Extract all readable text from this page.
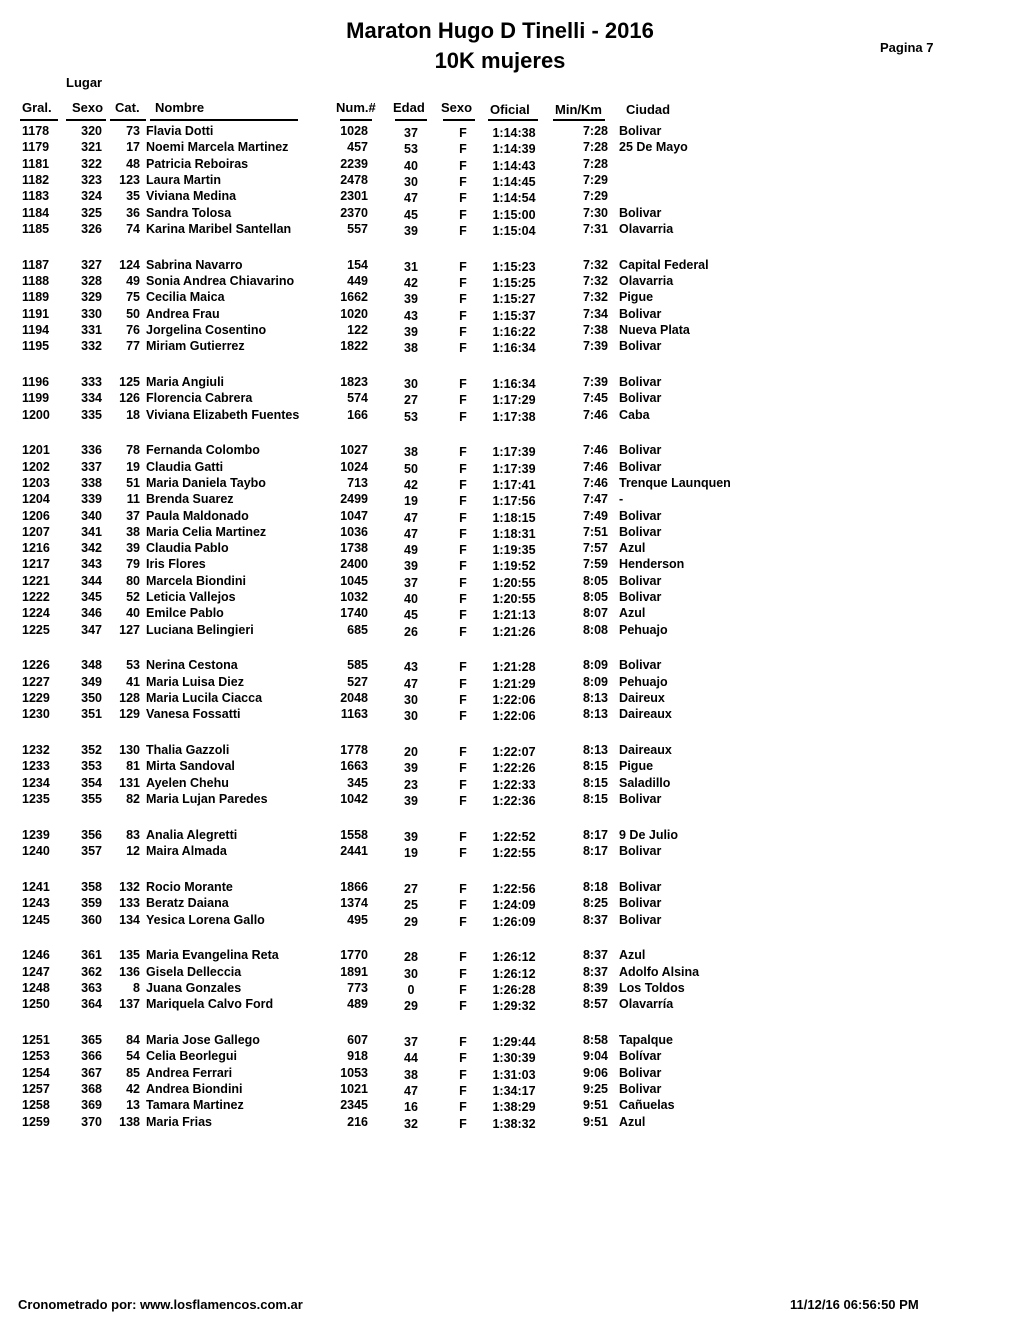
Maraton Hugo D Tinelli - 2016
10K mujeres
Pagina 7
Lugar
Gral. Sexo Cat. Nombre	Num.# Edad Sexo Oficial Min/Km Ciudad
1178	320	73 Flavia Dotti	1028	37	F	1:14:38	7:28 Bolivar
1179	321	17 Noemi Marcela Martinez	457	53	F	1:14:39	7:28 25 De Mayo
1181	322	48 Patricia Reboiras	2239	40	F	1:14:43	7:28
1182	323	123 Laura Martin	2478	30	F	1:14:45	7:29
1183	324	35 Viviana Medina	2301	47	F	1:14:54	7:29
1184	325	36 Sandra Tolosa	2370	45	F	1:15:00	7:30 Bolivar
1185	326	74 Karina Maribel Santellan	557	39	F	1:15:04	7:31 Olavarria
1187	327	124 Sabrina Navarro	154	31	F	1:15:23	7:32 Capital Federal
1188	328	49 Sonia Andrea Chiavarino	449	42	F	1:15:25	7:32 Olavarria
1189	329	75 Cecilia Maica	1662	39	F	1:15:27	7:32 Pigue
1191	330	50 Andrea Frau	1020	43	F	1:15:37	7:34 Bolivar
1194	331	76 Jorgelina Cosentino	122	39	F	1:16:22	7:38 Nueva Plata
1195	332	77 Miriam Gutierrez	1822	38	F	1:16:34	7:39 Bolivar
1196	333	125 Maria Angiuli	1823	30	F	1:16:34	7:39 Bolivar
1199	334	126 Florencia Cabrera	574	27	F	1:17:29	7:45 Bolivar
1200	335	18 Viviana Elizabeth Fuentes	166	53	F	1:17:38	7:46 Caba
1201	336	78 Fernanda Colombo	1027	38	F	1:17:39	7:46 Bolivar
1202	337	19 Claudia Gatti	1024	50	F	1:17:39	7:46 Bolivar
1203	338	51 Maria Daniela Taybo	713	42	F	1:17:41	7:46 Trenque Launquen
1204	339	11 Brenda Suarez	2499	19	F	1:17:56	7:47 -
1206	340	37 Paula Maldonado	1047	47	F	1:18:15	7:49 Bolivar
1207	341	38 Maria Celia Martinez	1036	47	F	1:18:31	7:51 Bolivar
1216	342	39 Claudia Pablo	1738	49	F	1:19:35	7:57 Azul
1217	343	79 Iris Flores	2400	39	F	1:19:52	7:59 Henderson
1221	344	80 Marcela Biondini	1045	37	F	1:20:55	8:05 Bolivar
1222	345	52 Leticia Vallejos	1032	40	F	1:20:55	8:05 Bolivar
1224	346	40 Emilce Pablo	1740	45	F	1:21:13	8:07 Azul
1225	347	127 Luciana Belingieri	685	26	F	1:21:26	8:08 Pehuajo
1226	348	53 Nerina Cestona	585	43	F	1:21:28	8:09 Bolivar
1227	349	41 Maria Luisa Diez	527	47	F	1:21:29	8:09 Pehuajo
1229	350	128 Maria Lucila Ciacca	2048	30	F	1:22:06	8:13 Daireux
1230	351	129 Vanesa Fossatti	1163	30	F	1:22:06	8:13 Daireaux
1232	352	130 Thalia Gazzoli	1778	20	F	1:22:07	8:13 Daireaux
1233	353	81 Mirta Sandoval	1663	39	F	1:22:26	8:15 Pigue
1234	354	131 Ayelen Chehu	345	23	F	1:22:33	8:15 Saladillo
1235	355	82 Maria Lujan Paredes	1042	39	F	1:22:36	8:15 Bolivar
1239	356	83 Analia Alegretti	1558	39	F	1:22:52	8:17 9 De Julio
1240	357	12 Maira Almada	2441	19	F	1:22:55	8:17 Bolivar
1241	358	132 Rocio Morante	1866	27	F	1:22:56	8:18 Bolivar
1243	359	133 Beratz Daiana	1374	25	F	1:24:09	8:25 Bolivar
1245	360	134 Yesica Lorena Gallo	495	29	F	1:26:09	8:37 Bolivar
1246	361	135 Maria Evangelina Reta	1770	28	F	1:26:12	8:37 Azul
1247	362	136 Gisela Delleccia	1891	30	F	1:26:12	8:37 Adolfo Alsina
1248	363	8 Juana Gonzales	773	0	F	1:26:28	8:39 Los Toldos
1250	364	137 Mariquela Calvo Ford	489	29	F	1:29:32	8:57 Olavarría
1251	365	84 Maria Jose Gallego	607	37	F	1:29:44	8:58 Tapalque
1253	366	54 Celia Beorlegui	918	44	F	1:30:39	9:04 Bolívar
1254	367	85 Andrea Ferrari	1053	38	F	1:31:03	9:06 Bolivar
1257	368	42 Andrea Biondini	1021	47	F	1:34:17	9:25 Bolivar
1258	369	13 Tamara Martinez	2345	16	F	1:38:29	9:51 Cañuelas
1259	370	138 Maria Frias	216	32	F	1:38:32	9:51 Azul
Cronometrado por: www.losflamencos.com.ar	11/12/16 06:56:50 PM
